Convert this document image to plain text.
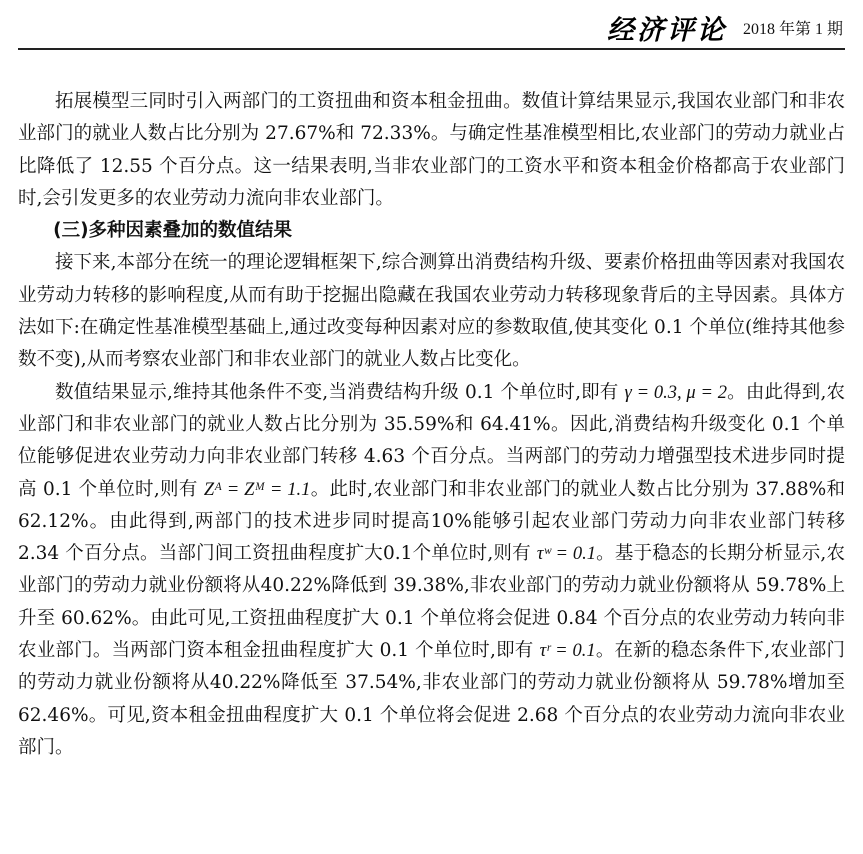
经济评论 2018 年第 1 期

拓展模型三同时引入两部门的工资扭曲和资本租金扭曲。数值计算结果显示,我国农业部门和非农业部门的就业人数占比分别为 27.67%和 72.33%。与确定性基准模型相比,农业部门的劳动力就业占比降低了 12.55 个百分点。这一结果表明,当非农业部门的工资水平和资本租金价格都高于农业部门时,会引发更多的农业劳动力流向非农业部门。

(三)多种因素叠加的数值结果

接下来,本部分在统一的理论逻辑框架下,综合测算出消费结构升级、要素价格扭曲等因素对我国农业劳动力转移的影响程度,从而有助于挖掘出隐藏在我国农业劳动力转移现象背后的主导因素。具体方法如下:在确定性基准模型基础上,通过改变每种因素对应的参数取值,使其变化 0.1 个单位(维持其他参数不变),从而考察农业部门和非农业部门的就业人数占比变化。

数值结果显示,维持其他条件不变,当消费结构升级 0.1 个单位时,即有 γ = 0.3, μ = 2。由此得到,农业部门和非农业部门的就业人数占比分别为 35.59%和 64.41%。因此,消费结构升级变化 0.1 个单位能够促进农业劳动力向非农业部门转移 4.63 个百分点。当两部门的劳动力增强型技术进步同时提高 0.1 个单位时,则有 Zᴬ = Zᴹ = 1.1。此时,农业部门和非农业部门的就业人数占比分别为 37.88%和 62.12%。由此得到,两部门的技术进步同时提高10%能够引起农业部门劳动力向非农业部门转移 2.34 个百分点。当部门间工资扭曲程度扩大0.1个单位时,则有 τʷ = 0.1。基于稳态的长期分析显示,农业部门的劳动力就业份额将从40.22%降低到 39.38%,非农业部门的劳动力就业份额将从 59.78%上升至 60.62%。由此可见,工资扭曲程度扩大 0.1 个单位将会促进 0.84 个百分点的农业劳动力转向非农业部门。当两部门资本租金扭曲程度扩大 0.1 个单位时,即有 τʳ = 0.1。在新的稳态条件下,农业部门的劳动力就业份额将从40.22%降低至 37.54%,非农业部门的劳动力就业份额将从 59.78%增加至 62.46%。可见,资本租金扭曲程度扩大 0.1 个单位将会促进 2.68 个百分点的农业劳动力流向非农业部门。
